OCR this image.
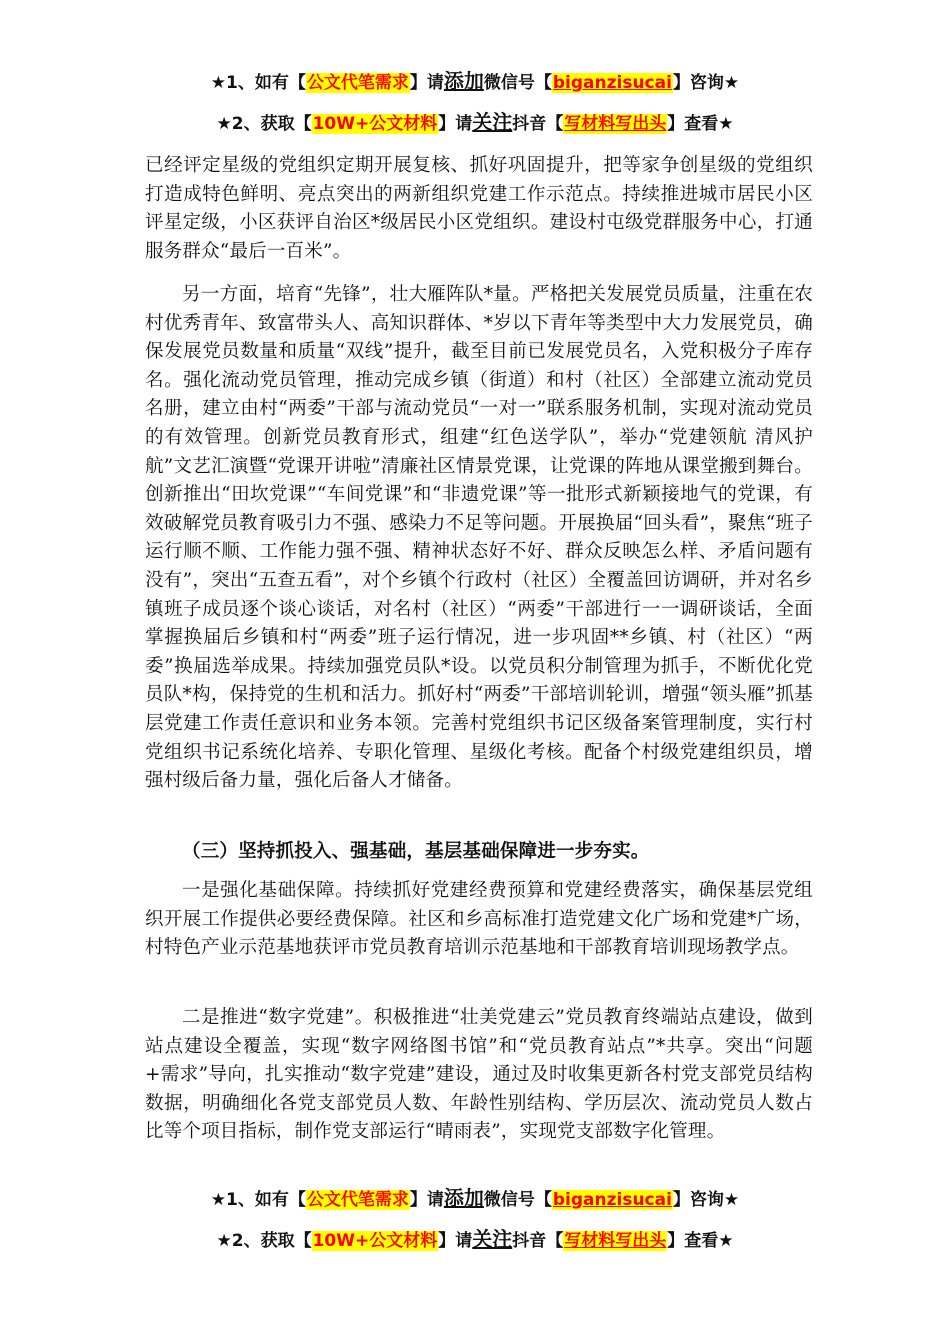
★1、如有【公文代笔需求】请添加微信号【biganzisucai】咨询★
★2、获取【10W+公文材料】请关注抖音【写材料写出头】查看★

已经评定星级的党组织定期开展复核、抓好巩固提升，把等家争创星级的党组织打造成特色鲜明、亮点突出的两新组织党建工作示范点。持续推进城市居民小区评星定级，小区获评自治区*级居民小区党组织。建设村屯级党群服务中心，打通服务群众“最后一百米”。

另一方面，培育“先锋”，壮大雁阵队*量。严格把关发展党员质量，注重在农村优秀青年、致富带头人、高知识群体、*岁以下青年等类型中大力发展党员，确保发展党员数量和质量“双线”提升，截至目前已发展党员名，入党积极分子库存名。强化流动党员管理，推动完成乡镇（街道）和村（社区）全部建立流动党员名册，建立由村“两委”干部与流动党员“一对一”联系服务机制，实现对流动党员的有效管理。创新党员教育形式，组建“红色送学队”，举办“党建领航 清风护航”文艺汇演暨“党课开讲啦”清廉社区情景党课，让党课的阵地从课堂搬到舞台。创新推出“田坎党课”“车间党课”和“非遗党课”等一批形式新颖接地气的党课，有效破解党员教育吸引力不强、感染力不足等问题。开展换届“回头看”，聚焦“班子运行顺不顺、工作能力强不强、精神状态好不好、群众反映怎么样、矛盾问题有没有”，突出“五查五看”，对个乡镇个行政村（社区）全覆盖回访调研，并对名乡镇班子成员逐个谈心谈话，对名村（社区）“两委”干部进行一一调研谈话，全面掌握换届后乡镇和村“两委”班子运行情况，进一步巩固**乡镇、村（社区）“两委”换届选举成果。持续加强党员队*设。以党员积分制管理为抓手，不断优化党员队*构，保持党的生机和活力。抓好村“两委”干部培训轮训，增强“领头雁”抓基层党建工作责任意识和业务本领。完善村党组织书记区级备案管理制度，实行村党组织书记系统化培养、专职化管理、星级化考核。配备个村级党建组织员，增强村级后备力量，强化后备人才储备。

（三）坚持抓投入、强基础，基层基础保障进一步夯实。

一是强化基础保障。持续抓好党建经费预算和党建经费落实，确保基层党组织开展工作提供必要经费保障。社区和乡高标准打造党建文化广场和党建*广场，村特色产业示范基地获评市党员教育培训示范基地和干部教育培训现场教学点。

二是推进“数字党建”。积极推进“壮美党建云”党员教育终端站点建设，做到站点建设全覆盖，实现“数字网络图书馆”和“党员教育站点”*共享。突出“问题+需求”导向，扎实推动“数字党建”建设，通过及时收集更新各村党支部党员结构数据，明确细化各党支部党员人数、年龄性别结构、学历层次、流动党员人数占比等个项目指标，制作党支部运行“晴雨表”，实现党支部数字化管理。

★1、如有【公文代笔需求】请添加微信号【biganzisucai】咨询★
★2、获取【10W+公文材料】请关注抖音【写材料写出头】查看★
